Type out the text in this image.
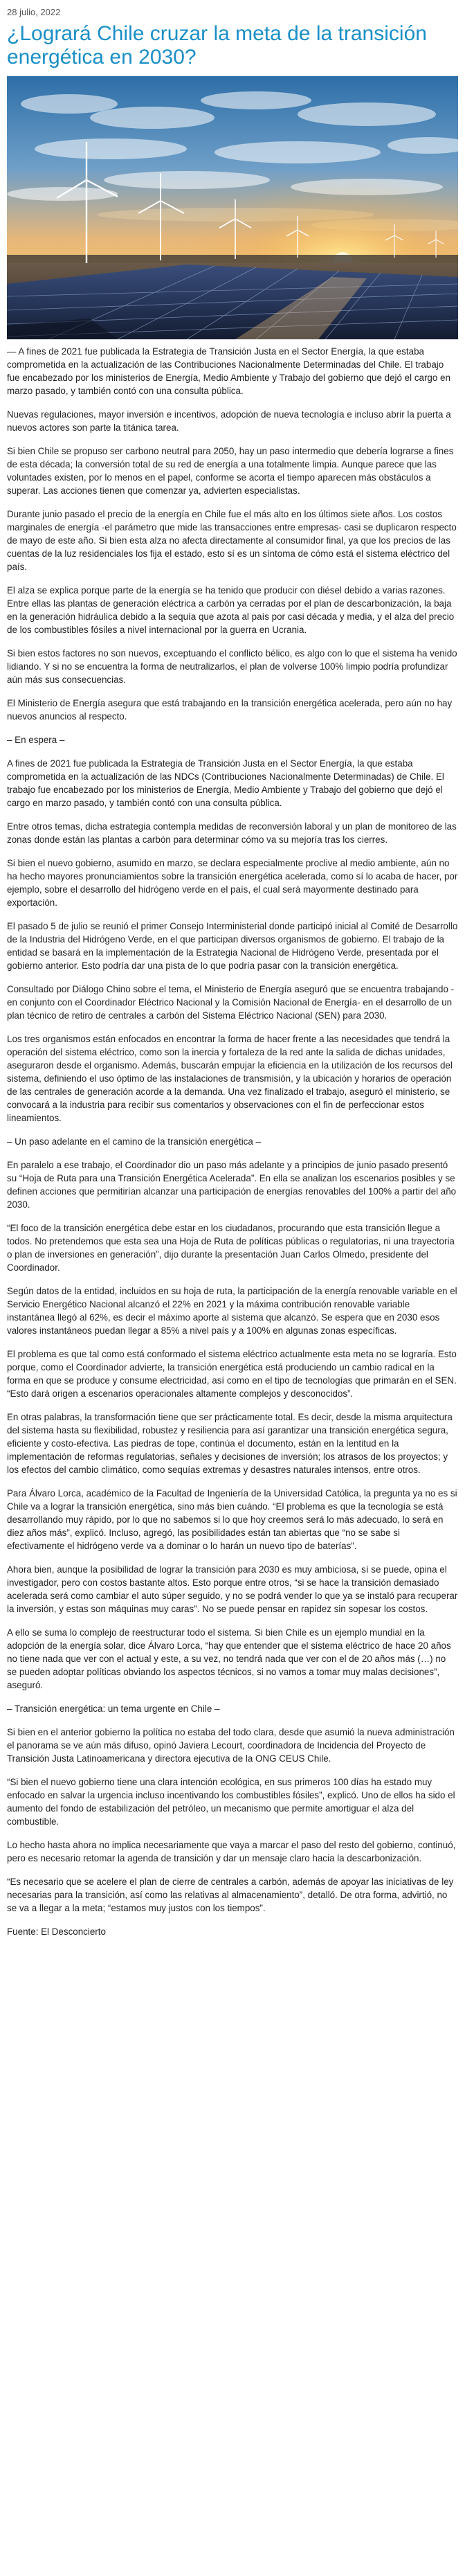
28 julio, 2022
¿Logrará Chile cruzar la meta de la transición energética en 2030?

— A fines de 2021 fue publicada la Estrategia de Transición Justa en el Sector Energía, la que estaba comprometida en la actualización de las Contribuciones Nacionalmente Determinadas del Chile. El trabajo fue encabezado por los ministerios de Energía, Medio Ambiente y Trabajo del gobierno que dejó el cargo en marzo pasado, y también contó con una consulta pública.

Nuevas regulaciones, mayor inversión e incentivos, adopción de nueva tecnología e incluso abrir la puerta a nuevos actores son parte la titánica tarea.

Si bien Chile se propuso ser carbono neutral para 2050, hay un paso intermedio que debería lograrse a fines de esta década; la conversión total de su red de energía a una totalmente limpia. Aunque parece que las voluntades existen, por lo menos en el papel, conforme se acorta el tiempo aparecen más obstáculos a superar. Las acciones tienen que comenzar ya, advierten especialistas.

Durante junio pasado el precio de la energía en Chile fue el más alto en los últimos siete años. Los costos marginales de energía -el parámetro que mide las transacciones entre empresas- casi se duplicaron respecto de mayo de este año. Si bien esta alza no afecta directamente al consumidor final, ya que los precios de las cuentas de la luz residenciales los fija el estado, esto sí es un síntoma de cómo está el sistema eléctrico del país.

El alza se explica porque parte de la energía se ha tenido que producir con diésel debido a varias razones. Entre ellas las plantas de generación eléctrica a carbón ya cerradas por el plan de descarbonización, la baja en la generación hidráulica debido a la sequía que azota al país por casi década y media, y el alza del precio de los combustibles fósiles a nivel internacional por la guerra en Ucrania.

Si bien estos factores no son nuevos, exceptuando el conflicto bélico, es algo con lo que el sistema ha venido lidiando. Y si no se encuentra la forma de neutralizarlos, el plan de volverse 100% limpio podría profundizar aún más sus consecuencias.

El Ministerio de Energía asegura que está trabajando en la transición energética acelerada, pero aún no hay nuevos anuncios al respecto.

– En espera –

A fines de 2021 fue publicada la Estrategia de Transición Justa en el Sector Energía, la que estaba comprometida en la actualización de las NDCs (Contribuciones Nacionalmente Determinadas) de Chile. El trabajo fue encabezado por los ministerios de Energía, Medio Ambiente y Trabajo del gobierno que dejó el cargo en marzo pasado, y también contó con una consulta pública.

Entre otros temas, dicha estrategia contempla medidas de reconversión laboral y un plan de monitoreo de las zonas donde están las plantas a carbón para determinar cómo va su mejoría tras los cierres.

Si bien el nuevo gobierno, asumido en marzo, se declara especialmente proclive al medio ambiente, aún no ha hecho mayores pronunciamientos sobre la transición energética acelerada, como sí lo acaba de hacer, por ejemplo, sobre el desarrollo del hidrógeno verde en el país, el cual será mayormente destinado para exportación.

El pasado 5 de julio se reunió el primer Consejo Interministerial donde participó inicial al Comité de Desarrollo de la Industria del Hidrógeno Verde, en el que participan diversos organismos de gobierno. El trabajo de la entidad se basará en la implementación de la Estrategia Nacional de Hidrógeno Verde, presentada por el gobierno anterior. Esto podría dar una pista de lo que podría pasar con la transición energética.

Consultado por Diálogo Chino sobre el tema, el Ministerio de Energía aseguró que se encuentra trabajando -en conjunto con el Coordinador Eléctrico Nacional y la Comisión Nacional de Energía- en el desarrollo de un plan técnico de retiro de centrales a carbón del Sistema Eléctrico Nacional (SEN) para 2030.

Los tres organismos están enfocados en encontrar la forma de hacer frente a las necesidades que tendrá la operación del sistema eléctrico, como son la inercia y fortaleza de la red ante la salida de dichas unidades, aseguraron desde el organismo. Además, buscarán empujar la eficiencia en la utilización de los recursos del sistema, definiendo el uso óptimo de las instalaciones de transmisión, y la ubicación y horarios de operación de las centrales de generación acorde a la demanda. Una vez finalizado el trabajo, aseguró el ministerio, se convocará a la industria para recibir sus comentarios y observaciones con el fin de perfeccionar estos lineamientos.

– Un paso adelante en el camino de la transición energética –

En paralelo a ese trabajo, el Coordinador dio un paso más adelante y a principios de junio pasado presentó su “Hoja de Ruta para una Transición Energética Acelerada”. En ella se analizan los escenarios posibles y se definen acciones que permitirían alcanzar una participación de energías renovables del 100% a partir del año 2030.

“El foco de la transición energética debe estar en los ciudadanos, procurando que esta transición llegue a todos. No pretendemos que esta sea una Hoja de Ruta de políticas públicas o regulatorias, ni una trayectoria o plan de inversiones en generación”, dijo durante la presentación Juan Carlos Olmedo, presidente del Coordinador.

Según datos de la entidad, incluidos en su hoja de ruta, la participación de la energía renovable variable en el Servicio Energético Nacional alcanzó el 22% en 2021 y la máxima contribución renovable variable instantánea llegó al 62%, es decir el máximo aporte al sistema que alcanzó. Se espera que en 2030 esos valores instantáneos puedan llegar a 85% a nivel país y a 100% en algunas zonas específicas.

El problema es que tal como está conformado el sistema eléctrico actualmente esta meta no se lograría. Esto porque, como el Coordinador advierte, la transición energética está produciendo un cambio radical en la forma en que se produce y consume electricidad, así como en el tipo de tecnologías que primarán en el SEN. “Esto dará origen a escenarios operacionales altamente complejos y desconocidos”.

En otras palabras, la transformación tiene que ser prácticamente total. Es decir, desde la misma arquitectura del sistema hasta su flexibilidad, robustez y resiliencia para así garantizar una transición energética segura, eficiente y costo-efectiva. Las piedras de tope, continúa el documento, están en la lentitud en la implementación de reformas regulatorias, señales y decisiones de inversión; los atrasos de los proyectos; y los efectos del cambio climático, como sequías extremas y desastres naturales intensos, entre otros.

Para Álvaro Lorca, académico de la Facultad de Ingeniería de la Universidad Católica, la pregunta ya no es si Chile va a lograr la transición energética, sino más bien cuándo. “El problema es que la tecnología se está desarrollando muy rápido, por lo que no sabemos si lo que hoy creemos será lo más adecuado, lo será en diez años más”, explicó. Incluso, agregó, las posibilidades están tan abiertas que “no se sabe si efectivamente el hidrógeno verde va a dominar o lo harán un nuevo tipo de baterías”.

Ahora bien, aunque la posibilidad de lograr la transición para 2030 es muy ambiciosa, sí se puede, opina el investigador, pero con costos bastante altos. Esto porque entre otros, “si se hace la transición demasiado acelerada será como cambiar el auto súper seguido, y no se podrá vender lo que ya se instaló para recuperar la inversión, y estas son máquinas muy caras”. No se puede pensar en rapidez sin sopesar los costos.

A ello se suma lo complejo de reestructurar todo el sistema. Si bien Chile es un ejemplo mundial en la adopción de la energía solar, dice Álvaro Lorca, “hay que entender que el sistema eléctrico de hace 20 años no tiene nada que ver con el actual y este, a su vez, no tendrá nada que ver con el de 20 años más (…) no se pueden adoptar políticas obviando los aspectos técnicos, si no vamos a tomar muy malas decisiones”, aseguró.

– Transición energética: un tema urgente en Chile –

Si bien en el anterior gobierno la política no estaba del todo clara, desde que asumió la nueva administración el panorama se ve aún más difuso, opinó Javiera Lecourt, coordinadora de Incidencia del Proyecto de Transición Justa Latinoamericana y directora ejecutiva de la ONG CEUS Chile.

“Si bien el nuevo gobierno tiene una clara intención ecológica, en sus primeros 100 días ha estado muy enfocado en salvar la urgencia incluso incentivando los combustibles fósiles”, explicó. Uno de ellos ha sido el aumento del fondo de estabilización del petróleo, un mecanismo que permite amortiguar el alza del combustible.

Lo hecho hasta ahora no implica necesariamente que vaya a marcar el paso del resto del gobierno, continuó, pero es necesario retomar la agenda de transición y dar un mensaje claro hacia la descarbonización.

“Es necesario que se acelere el plan de cierre de centrales a carbón, además de apoyar las iniciativas de ley necesarias para la transición, así como las relativas al almacenamiento”, detalló. De otra forma, advirtió, no se va a llegar a la meta; “estamos muy justos con los tiempos”.

Fuente: El Desconcierto
